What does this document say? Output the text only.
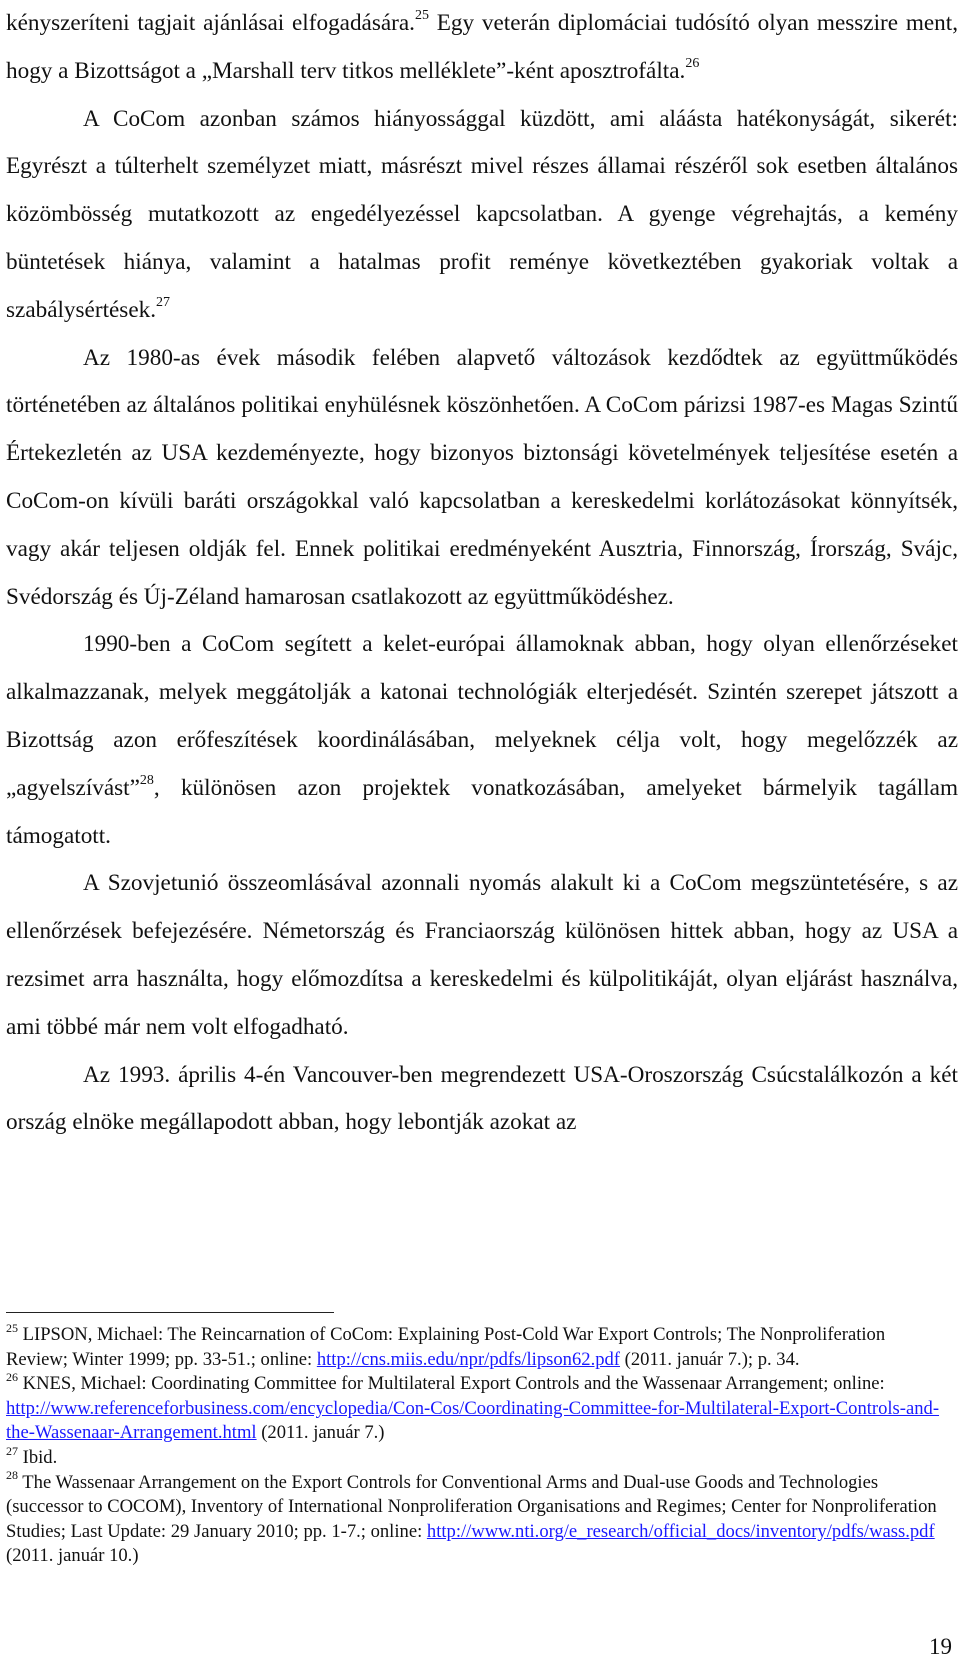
kényszeríteni tagjait ajánlásai elfogadására.$^{25}$ Egy veterán diplomáciai tudósító olyan messzire ment, hogy a Bizottságot a „Marshall terv titkos melléklete”-ként aposztrofálta.$^{26}$

A CoCom azonban számos hiányossággal küzdött, ami aláásta hatékonyságát, sikerét: Egyrészt a túlterhelt személyzet miatt, másrészt mivel részes államai részéről sok esetben általános közömbösség mutatkozott az engedélyezéssel kapcsolatban. A gyenge végrehajtás, a kemény büntetések hiánya, valamint a hatalmas profit reménye következtében gyakoriak voltak a szabálysértések.$^{27}$

Az 1980-as évek második felében alapvető változások kezdődtek az együttműködés történetében az általános politikai enyhülésnek köszönhetően. A CoCom párizsi 1987-es Magas Szintű Értekezletén az USA kezdeményezte, hogy bizonyos biztonsági követelmények teljesítése esetén a CoCom-on kívüli baráti országokkal való kapcsolatban a kereskedelmi korlátozásokat könnyítsék, vagy akár teljesen oldják fel. Ennek politikai eredményeként Ausztria, Finnország, Írország, Svájc, Svédország és Új-Zéland hamarosan csatlakozott az együttműködéshez.

1990-ben a CoCom segített a kelet-európai államoknak abban, hogy olyan ellenőrzéseket alkalmazzanak, melyek meggátolják a katonai technológiák elterjedését. Szintén szerepet játszott a Bizottság azon erőfeszítések koordinálásában, melyeknek célja volt, hogy megelőzzék az „agyelszívást”$^{28}$, különösen azon projektek vonatkozásában, amelyeket bármelyik tagállam támogatott.

A Szovjetunió összeomlásával azonnali nyomás alakult ki a CoCom megszüntetésére, s az ellenőrzések befejezésére. Németország és Franciaország különösen hittek abban, hogy az USA a rezsimet arra használta, hogy előmozdítsa a kereskedelmi és külpolitikáját, olyan eljárást használva, ami többé már nem volt elfogadható.

Az 1993. április 4-én Vancouver-ben megrendezett USA-Oroszország Csúcstalálkozón a két ország elnöke megállapodott abban, hogy lebontják azokat az

$^{25}$ LIPSON, Michael: The Reincarnation of CoCom: Explaining Post-Cold War Export Controls; The Nonproliferation Review; Winter 1999; pp. 33-51.; online: http://cns.miis.edu/npr/pdfs/lipson62.pdf (2011. január 7.); p. 34.

$^{26}$ KNES, Michael: Coordinating Committee for Multilateral Export Controls and the Wassenaar Arrangement; online: http://www.referenceforbusiness.com/encyclopedia/Con-Cos/Coordinating-Committee-for-Multilateral-Export-Controls-and-the-Wassenaar-Arrangement.html (2011. január 7.)

$^{27}$ Ibid.

$^{28}$ The Wassenaar Arrangement on the Export Controls for Conventional Arms and Dual-use Goods and Technologies (successor to COCOM), Inventory of International Nonproliferation Organisations and Regimes; Center for Nonproliferation Studies; Last Update: 29 January 2010; pp. 1-7.; online: http://www.nti.org/e_research/official_docs/inventory/pdfs/wass.pdf (2011. január 10.)

19
